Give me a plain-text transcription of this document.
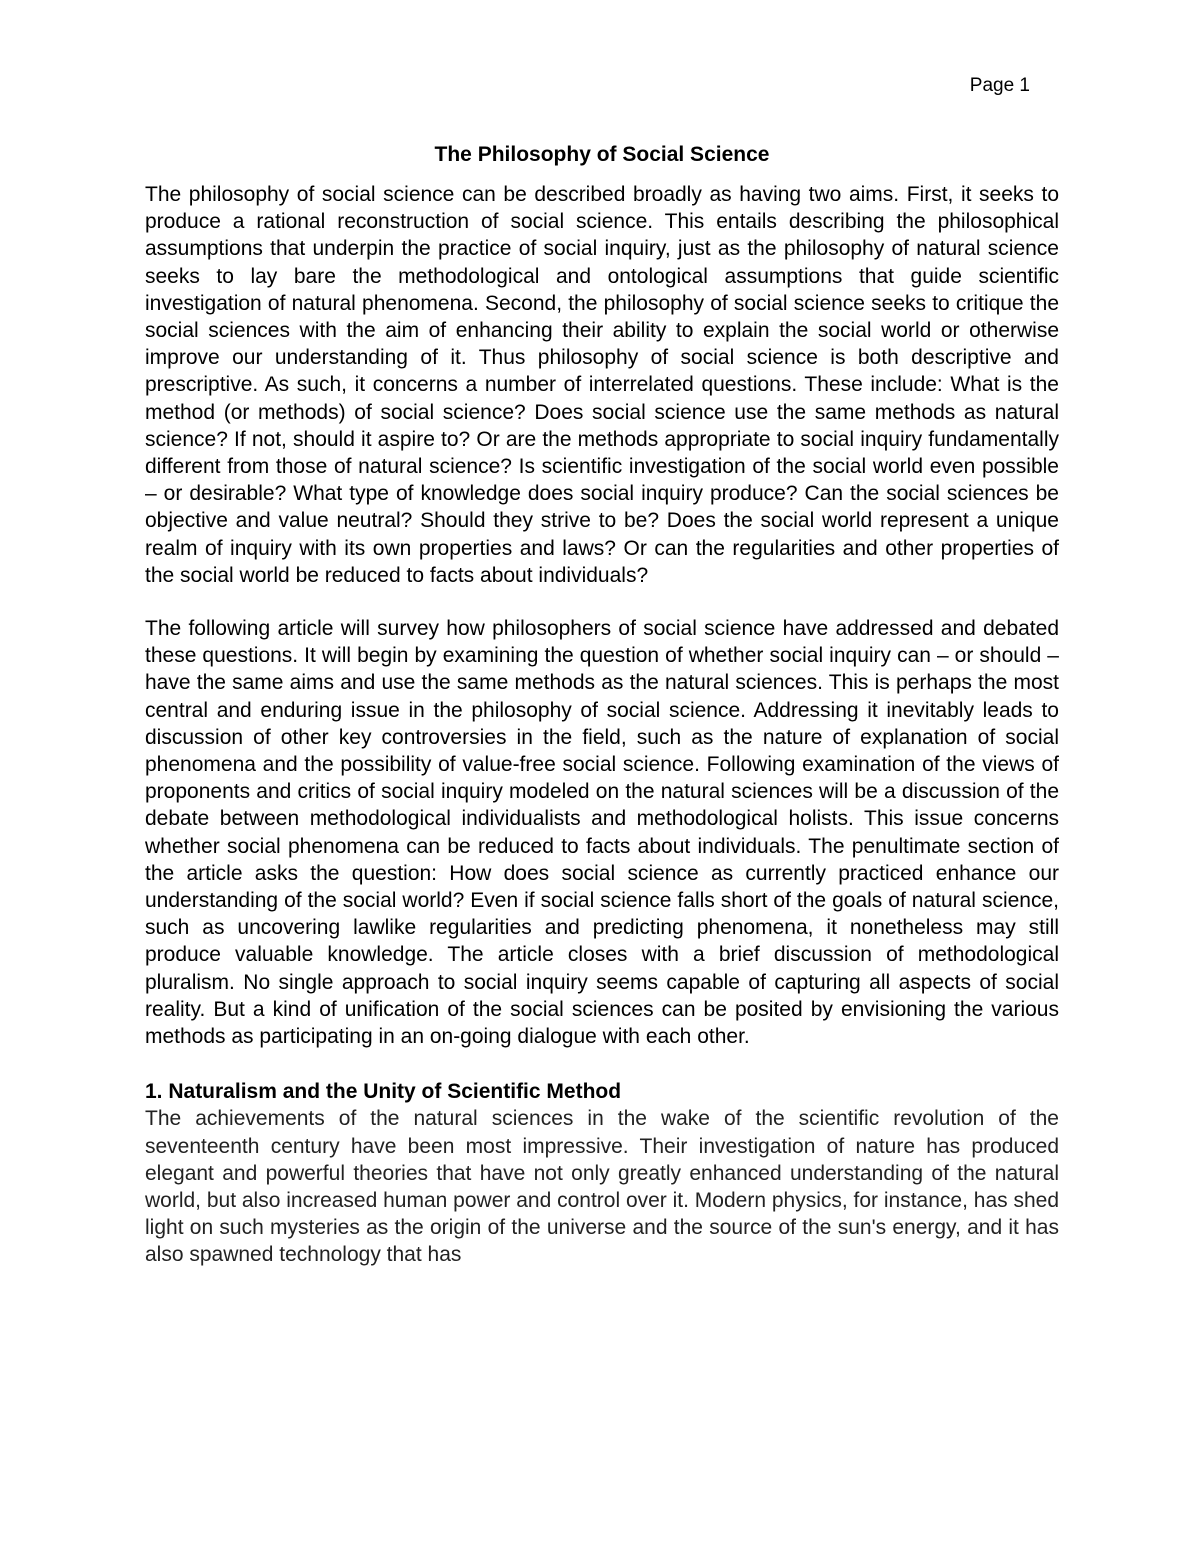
Page 1
The Philosophy of Social Science

The philosophy of social science can be described broadly as having two aims. First, it seeks to produce a rational reconstruction of social science. This entails describing the philosophical assumptions that underpin the practice of social inquiry, just as the philosophy of natural science seeks to lay bare the methodological and ontological assumptions that guide scientific investigation of natural phenomena. Second, the philosophy of social science seeks to critique the social sciences with the aim of enhancing their ability to explain the social world or otherwise improve our understanding of it. Thus philosophy of social science is both descriptive and prescriptive. As such, it concerns a number of interrelated questions. These include: What is the method (or methods) of social science? Does social science use the same methods as natural science? If not, should it aspire to? Or are the methods appropriate to social inquiry fundamentally different from those of natural science? Is scientific investigation of the social world even possible – or desirable? What type of knowledge does social inquiry produce? Can the social sciences be objective and value neutral? Should they strive to be? Does the social world represent a unique realm of inquiry with its own properties and laws? Or can the regularities and other properties of the social world be reduced to facts about individuals?

The following article will survey how philosophers of social science have addressed and debated these questions. It will begin by examining the question of whether social inquiry can – or should – have the same aims and use the same methods as the natural sciences. This is perhaps the most central and enduring issue in the philosophy of social science. Addressing it inevitably leads to discussion of other key controversies in the field, such as the nature of explanation of social phenomena and the possibility of value-free social science. Following examination of the views of proponents and critics of social inquiry modeled on the natural sciences will be a discussion of the debate between methodological individualists and methodological holists. This issue concerns whether social phenomena can be reduced to facts about individuals. The penultimate section of the article asks the question: How does social science as currently practiced enhance our understanding of the social world? Even if social science falls short of the goals of natural science, such as uncovering lawlike regularities and predicting phenomena, it nonetheless may still produce valuable knowledge. The article closes with a brief discussion of methodological pluralism. No single approach to social inquiry seems capable of capturing all aspects of social reality. But a kind of unification of the social sciences can be posited by envisioning the various methods as participating in an on-going dialogue with each other.

1. Naturalism and the Unity of Scientific Method

The achievements of the natural sciences in the wake of the scientific revolution of the seventeenth century have been most impressive. Their investigation of nature has produced elegant and powerful theories that have not only greatly enhanced understanding of the natural world, but also increased human power and control over it. Modern physics, for instance, has shed light on such mysteries as the origin of the universe and the source of the sun's energy, and it has also spawned technology that has
